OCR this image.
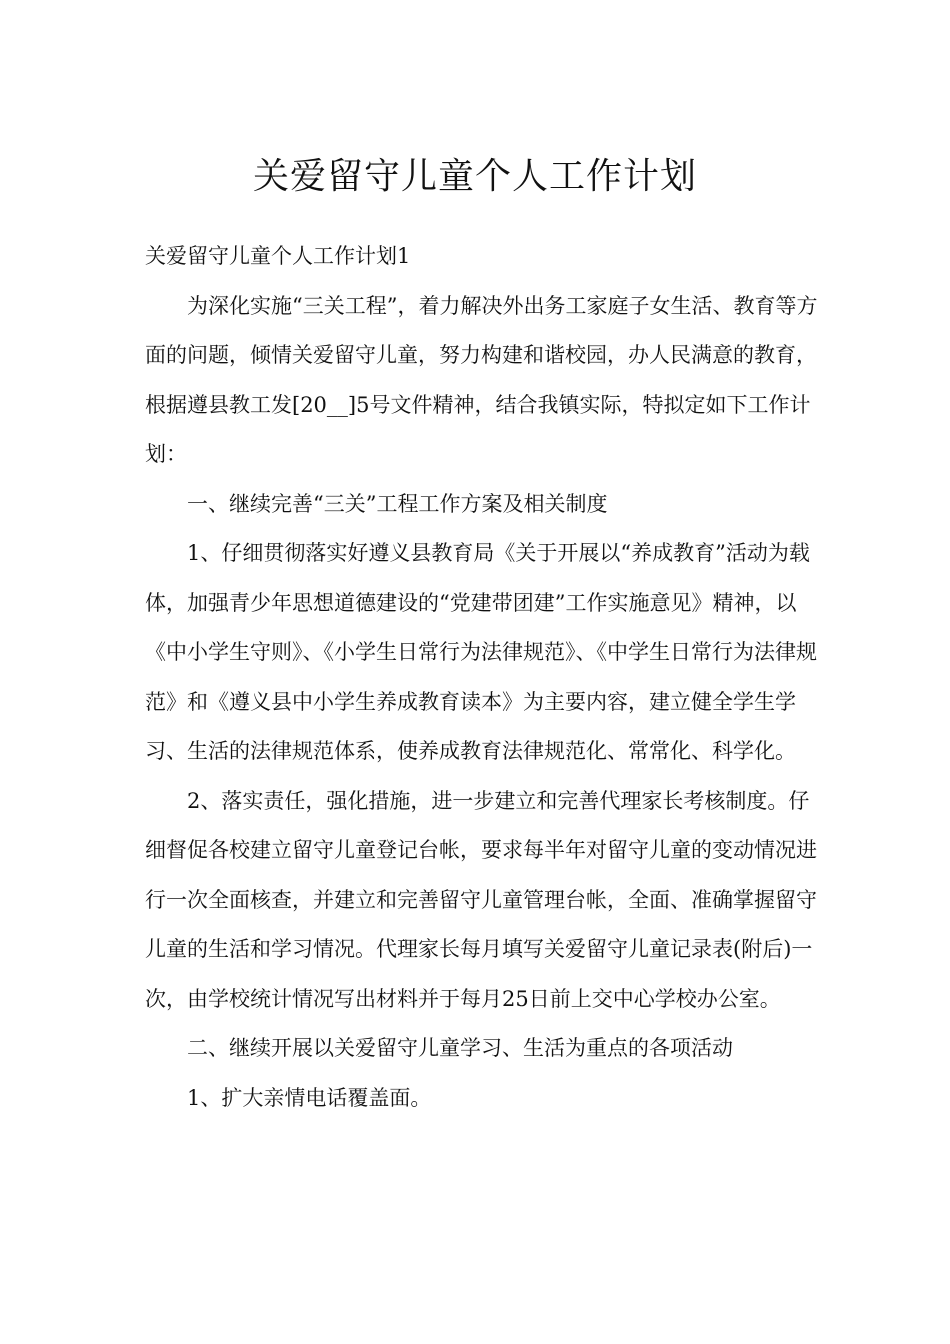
关爱留守儿童个人工作计划

关爱留守儿童个人工作计划1

为深化实施“三关工程”，着力解决外出务工家庭子女生活、教育等方面的问题，倾情关爱留守儿童，努力构建和谐校园，办人民满意的教育，根据遵县教工发[20__]5号文件精神，结合我镇实际，特拟定如下工作计划：

一、继续完善“三关”工程工作方案及相关制度

1、仔细贯彻落实好遵义县教育局《关于开展以“养成教育”活动为载体，加强青少年思想道德建设的“党建带团建”工作实施意见》精神，以《中小学生守则》、《小学生日常行为法律规范》、《中学生日常行为法律规范》和《遵义县中小学生养成教育读本》为主要内容，建立健全学生学习、生活的法律规范体系，使养成教育法律规范化、常常化、科学化。

2、落实责任，强化措施，进一步建立和完善代理家长考核制度。仔细督促各校建立留守儿童登记台帐，要求每半年对留守儿童的变动情况进行一次全面核查，并建立和完善留守儿童管理台帐，全面、准确掌握留守儿童的生活和学习情况。代理家长每月填写关爱留守儿童记录表(附后)一次，由学校统计情况写出材料并于每月25日前上交中心学校办公室。

二、继续开展以关爱留守儿童学习、生活为重点的各项活动

1、扩大亲情电话覆盖面。
